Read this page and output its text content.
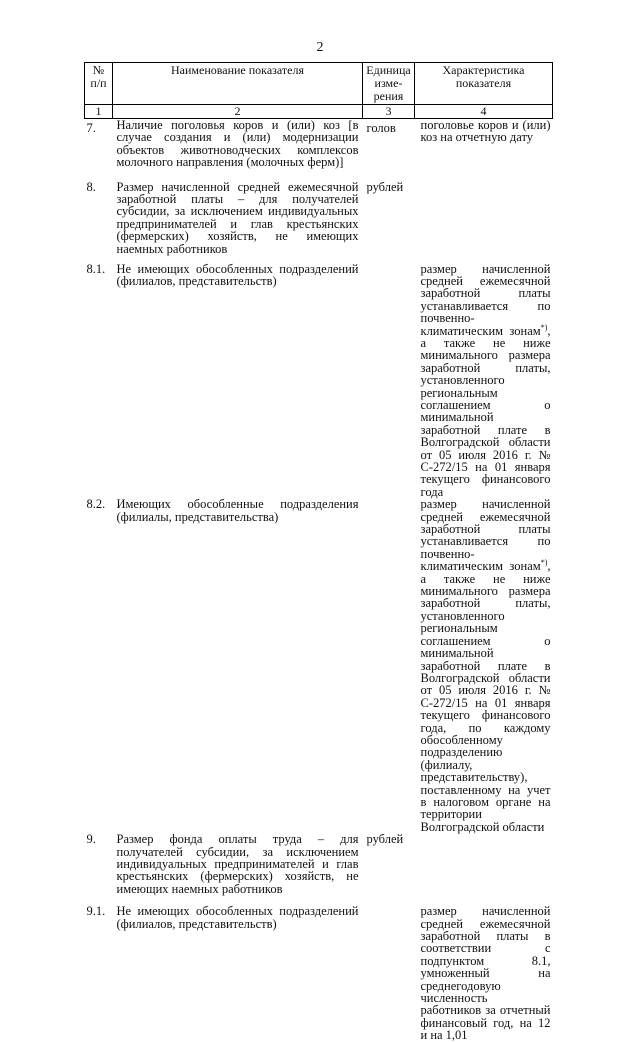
2
№ п/п	Наименование показателя	Единица изме- рения	Характеристика показателя
1	2	3	4
7.	Наличие поголовья коров и (или) коз [в случае создания и (или) модернизации объектов животноводческих комплексов молочного направления (молочных ферм)]	голов	поголовье коров и (или) коз на отчетную дату
8.	Размер начисленной средней ежемесячной заработной платы – для получателей субсидии, за исключением индивидуальных предпринимателей и глав крестьянских (фермерских) хозяйств, не имеющих наемных работников	рублей	
8.1.	Не имеющих обособленных подразделений (филиалов, представительств)		размер начисленной средней ежемесячной заработной платы устанавливается по почвенно-климатическим зонам*), а также не ниже минимального размера заработной платы, установленного региональным соглашением о минимальной заработной плате в Волгоградской области от 05 июля 2016 г. № С-272/15 на 01 января текущего финансового года
8.2.	Имеющих обособленные подразделения (филиалы, представительства)		размер начисленной средней ежемесячной заработной платы устанавливается по почвенно-климатическим зонам*), а также не ниже минимального размера заработной платы, установленного региональным соглашением о минимальной заработной плате в Волгоградской области от 05 июля 2016 г. № С-272/15 на 01 января текущего финансового года, по каждому обособленному подразделению (филиалу, представительству), поставленному на учет в налоговом органе на территории Волгоградской области
9.	Размер фонда оплаты труда – для получателей субсидии, за исключением индивидуальных предпринимателей и глав крестьянских (фермерских) хозяйств, не имеющих наемных работников	рублей	
9.1.	Не имеющих обособленных подразделений (филиалов, представительств)		размер начисленной средней ежемесячной заработной платы в соответствии с подпунктом 8.1, умноженный на среднегодовую численность работников за отчетный финансовый год, на 12 и на 1,01
